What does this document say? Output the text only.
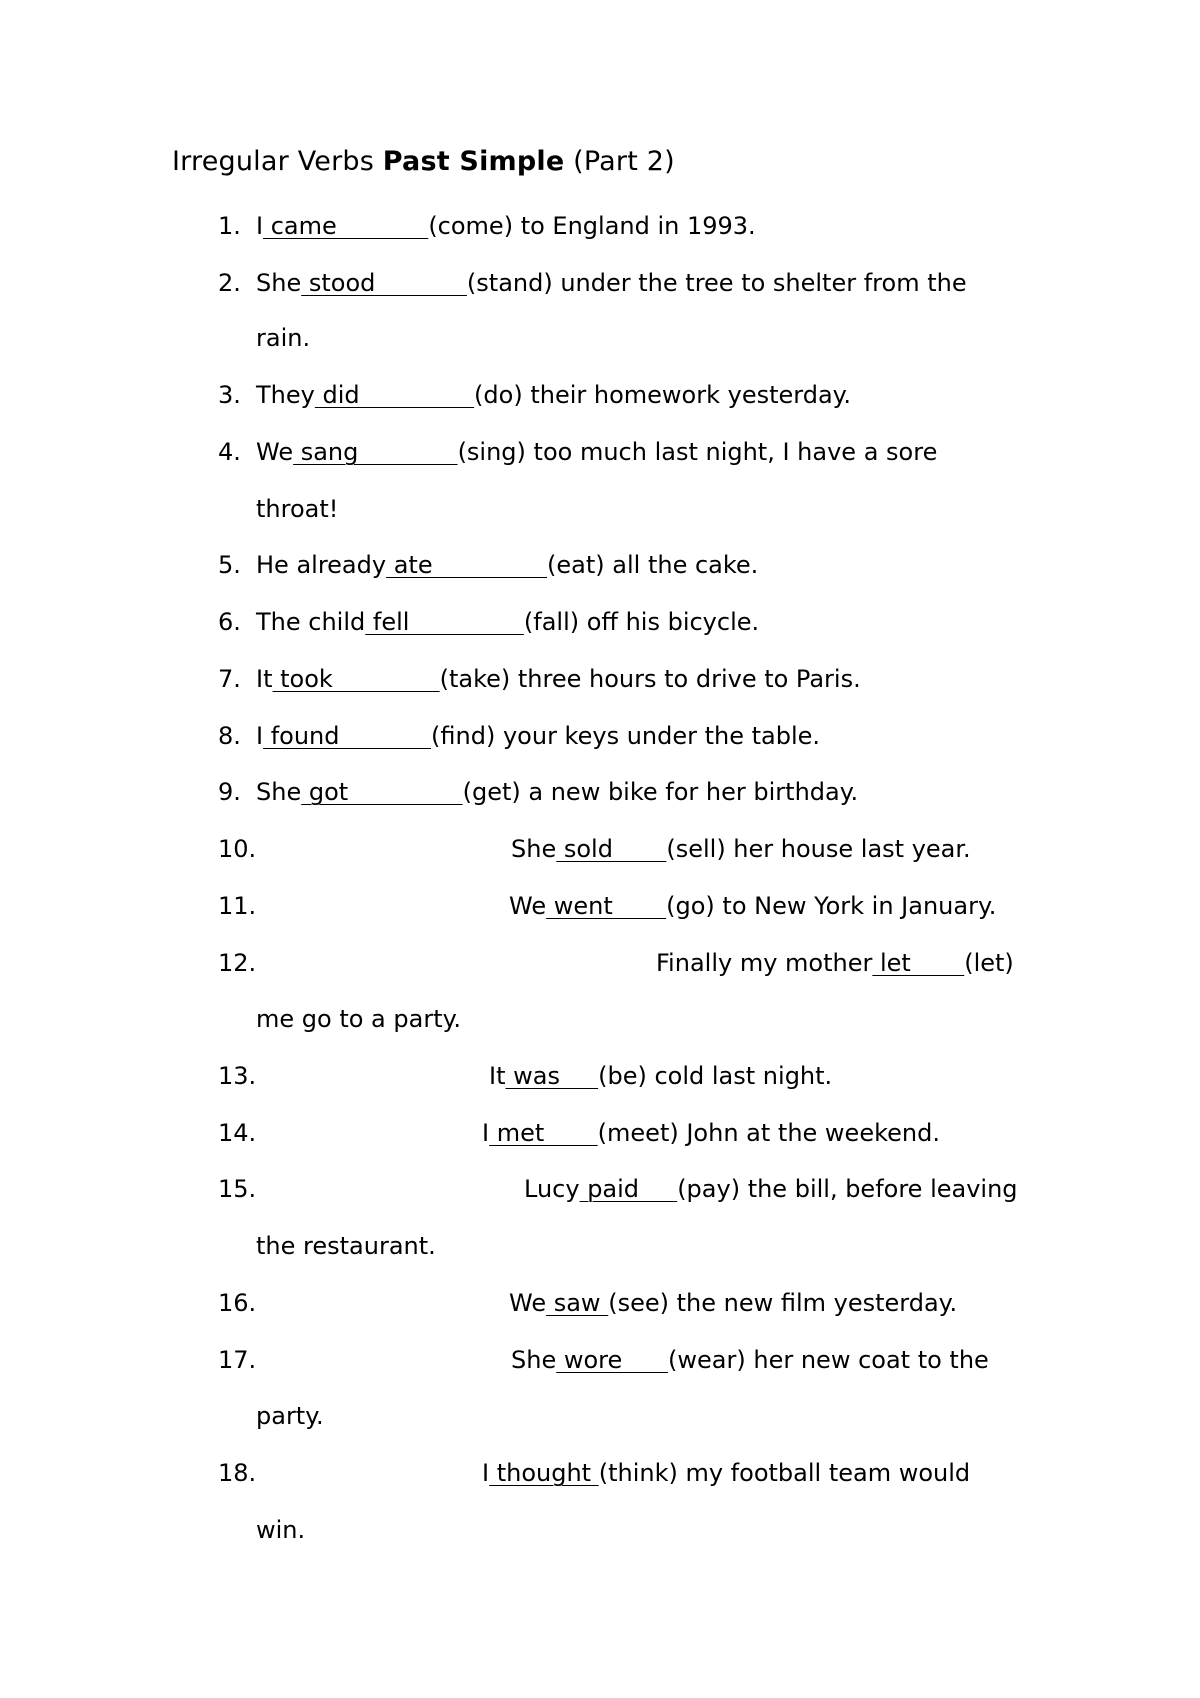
Irregular Verbs Past Simple (Part 2)
1. I came            (come) to England in 1993.
2. She stood            (stand) under the tree to shelter from the
rain.
3. They did               (do) their homework yesterday.
4. We sang             (sing) too much last night, I have a sore
throat!
5. He already ate               (eat) all the cake.
6. The child fell               (fall) off his bicycle.
7. It took              (take) three hours to drive to Paris.
8. I found            (find) your keys under the table.
9. She got               (get) a new bike for her birthday.
10.	She sold       (sell) her house last year.
11.	We went       (go) to New York in January.
12.	Finally my mother let       (let)
me go to a party.
13.	It was     (be) cold last night.
14.	I met       (meet) John at the weekend.
15.	Lucy paid     (pay) the bill, before leaving
the restaurant.
16.	We saw (see) the new film yesterday.
17.	She wore      (wear) her new coat to the
party.
18.	I thought (think) my football team would
win.
